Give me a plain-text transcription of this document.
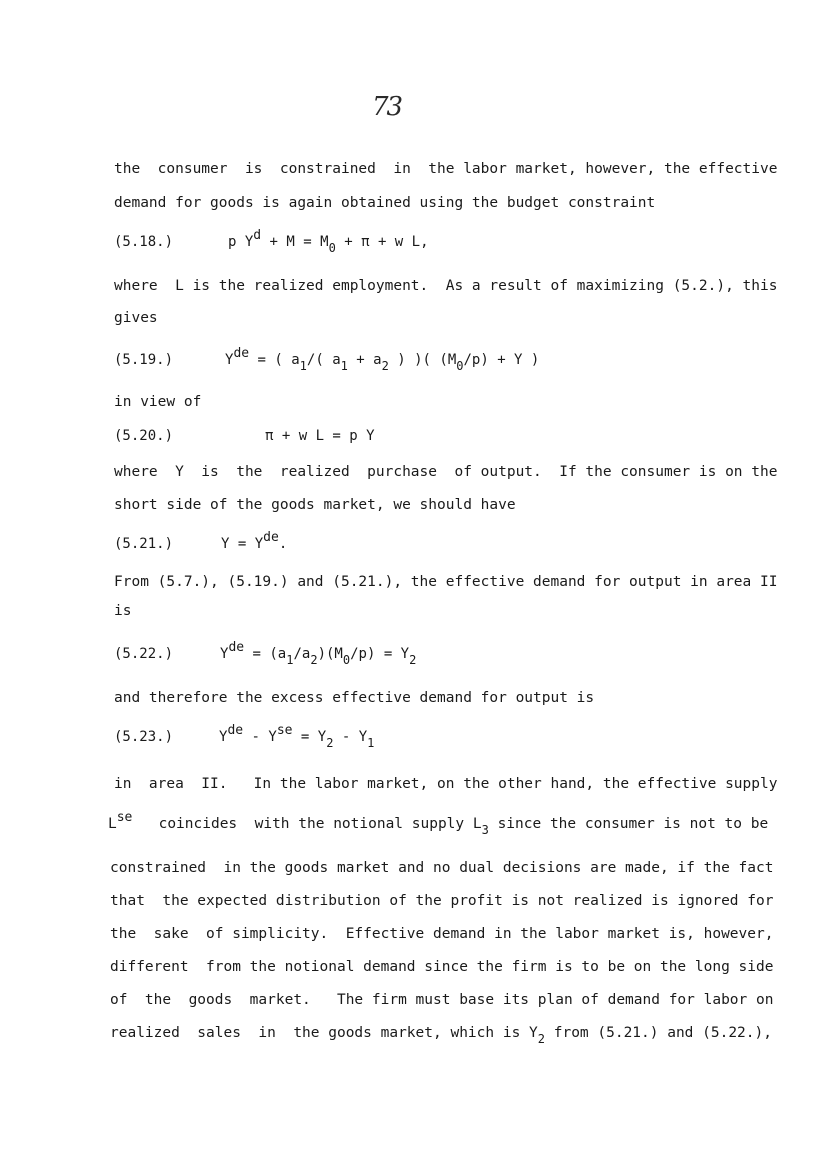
73
the  consumer  is  constrained  in  the labor market, however, the effective
demand for goods is again obtained using the budget constraint
(5.18.)	p Yd + M = M0 + π + w L,
where  L is the realized employment.  As a result of maximizing (5.2.), this
gives
(5.19.)	Yde = ( a1/( a1 + a2 ) )( (M0/p) + Y )
in view of
(5.20.)	π + w L = p Y
where  Y  is  the  realized  purchase  of output.  If the consumer is on the
short side of the goods market, we should have
(5.21.)	Y = Yde.
From (5.7.), (5.19.) and (5.21.), the effective demand for output in area II
is
(5.22.)	Yde = (a1/a2)(M0/p) = Y2
and therefore the excess effective demand for output is
(5.23.)	Yde - Yse = Y2 - Y1
in  area  II.   In the labor market, on the other hand, the effective supply
Lse coincides  with the notional supply $L_3$ since the consumer is not to be
constrained  in the goods market and no dual decisions are made, if the fact
that  the expected distribution of the profit is not realized is ignored for
the  sake  of simplicity.  Effective demand in the labor market is, however,
different  from the notional demand since the firm is to be on the long side
of  the  goods  market.   The firm must base its plan of demand for labor on
realized  sales  in  the goods market, which is $Y_2$ from (5.21.) and (5.22.),
